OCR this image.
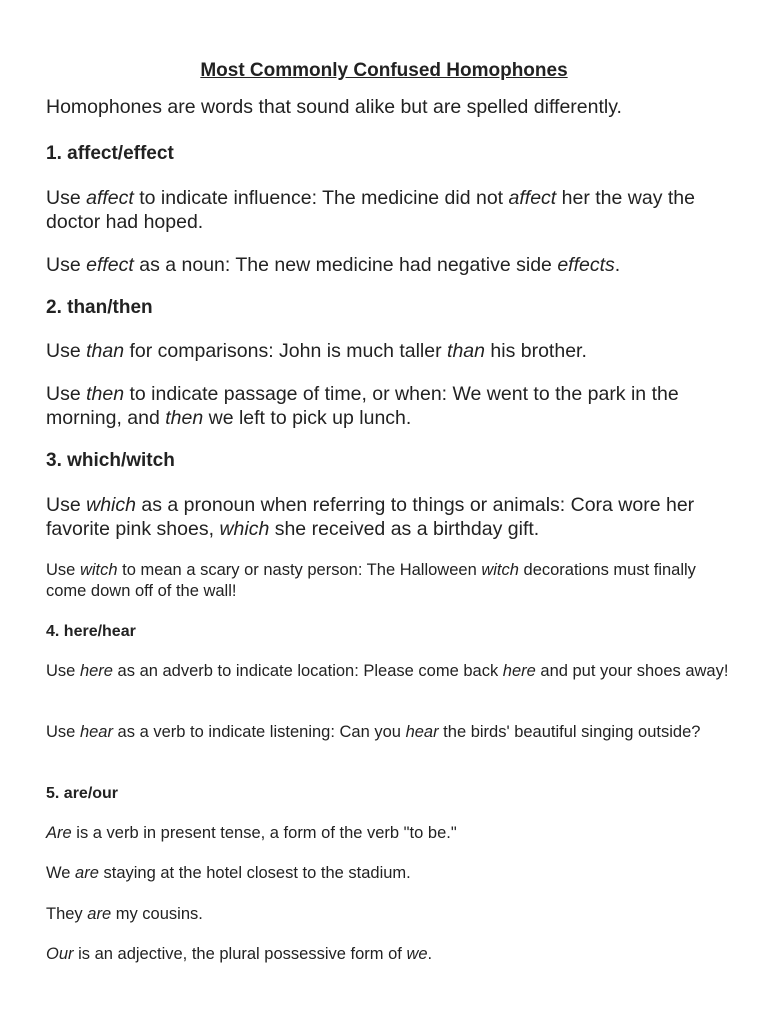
Most Commonly Confused Homophones

Homophones are words that sound alike but are spelled differently.

1. affect/effect

Use affect to indicate influence: The medicine did not affect her the way the doctor had hoped.

Use effect as a noun: The new medicine had negative side effects.

2. than/then

Use than for comparisons: John is much taller than his brother.

Use then to indicate passage of time, or when: We went to the park in the morning, and then we left to pick up lunch.

3. which/witch

Use which as a pronoun when referring to things or animals: Cora wore her favorite pink shoes, which she received as a birthday gift.

Use witch to mean a scary or nasty person: The Halloween witch decorations must finally come down off of the wall!

4. here/hear

Use here as an adverb to indicate location: Please come back here and put your shoes away!

Use hear as a verb to indicate listening: Can you hear the birds' beautiful singing outside?

5. are/our

Are is a verb in present tense, a form of the verb "to be."

We are staying at the hotel closest to the stadium.

They are my cousins.

Our is an adjective, the plural possessive form of we.
